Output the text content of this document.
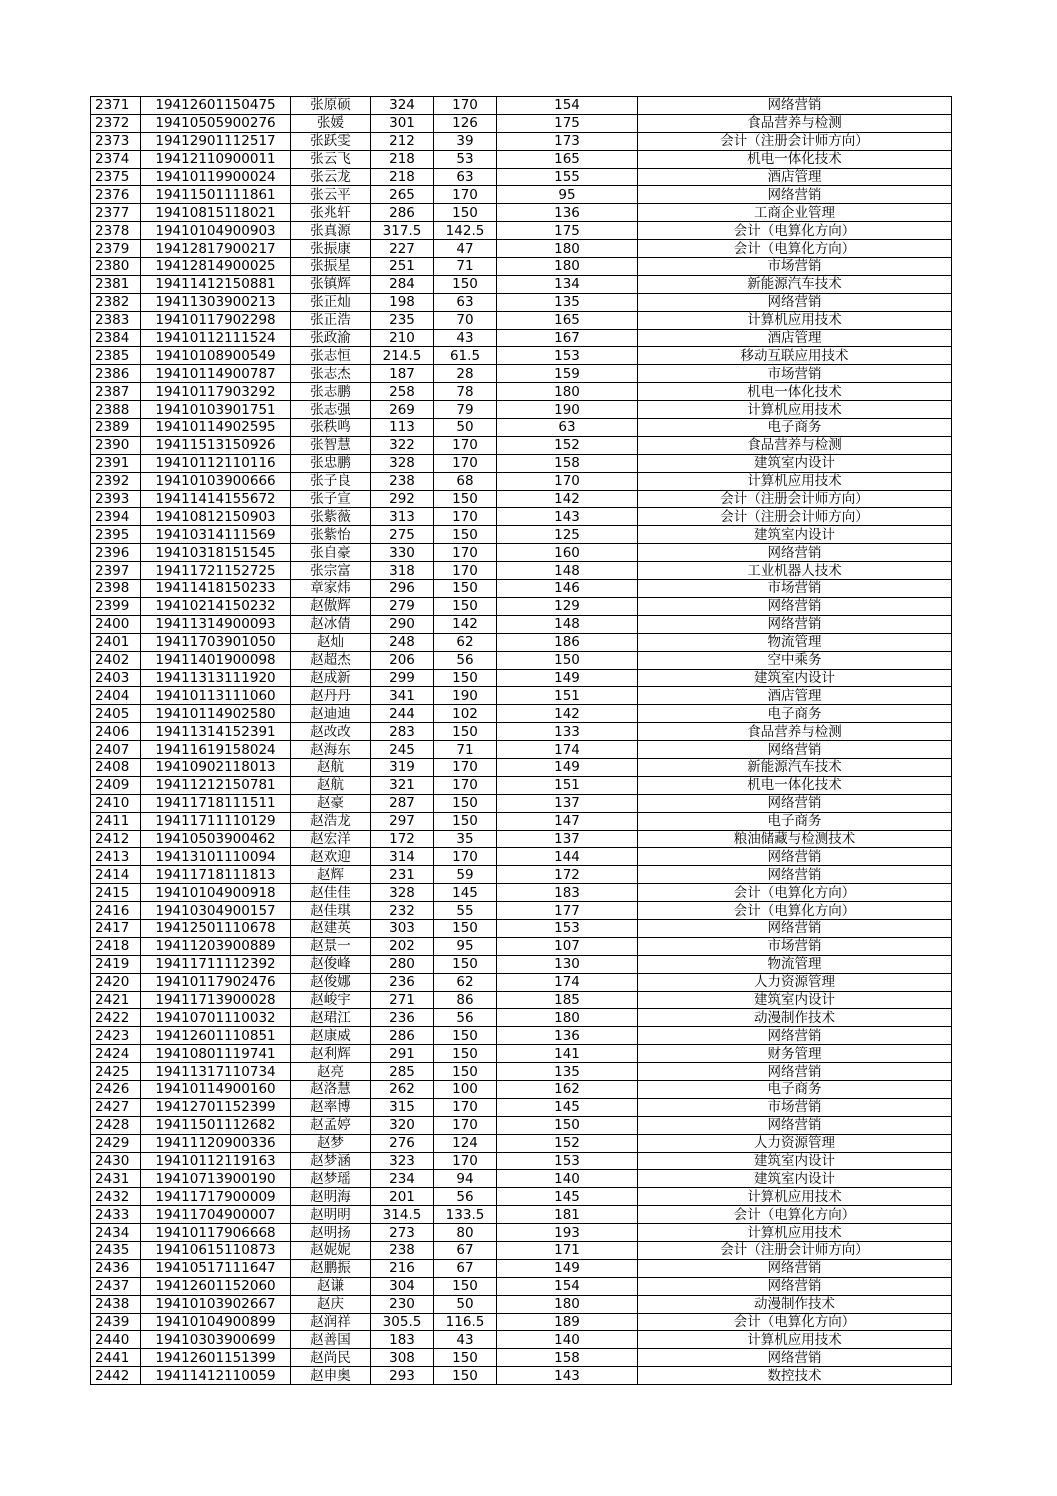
2371	19412601150475	张原硕	324	170	154	网络营销
2372	19410505900276	张媛	301	126	175	食品营养与检测
2373	19412901112517	张跃雯	212	39	173	会计（注册会计师方向）
2374	19412110900011	张云飞	218	53	165	机电一体化技术
2375	19410119900024	张云龙	218	63	155	酒店管理
2376	19411501111861	张云平	265	170	95	网络营销
2377	19410815118021	张兆轩	286	150	136	工商企业管理
2378	19410104900903	张真源	317.5	142.5	175	会计（电算化方向）
2379	19412817900217	张振康	227	47	180	会计（电算化方向）
2380	19412814900025	张振星	251	71	180	市场营销
2381	19411412150881	张镇辉	284	150	134	新能源汽车技术
2382	19411303900213	张正灿	198	63	135	网络营销
2383	19410117902298	张正浩	235	70	165	计算机应用技术
2384	19410112111524	张政渝	210	43	167	酒店管理
2385	19410108900549	张志恒	214.5	61.5	153	移动互联应用技术
2386	19410114900787	张志杰	187	28	159	市场营销
2387	19410117903292	张志鹏	258	78	180	机电一体化技术
2388	19410103901751	张志强	269	79	190	计算机应用技术
2389	19410114902595	张秩鸣	113	50	63	电子商务
2390	19411513150926	张智慧	322	170	152	食品营养与检测
2391	19410112110116	张忠鹏	328	170	158	建筑室内设计
2392	19410103900666	张子良	238	68	170	计算机应用技术
2393	19411414155672	张子宣	292	150	142	会计（注册会计师方向）
2394	19410812150903	张紫薇	313	170	143	会计（注册会计师方向）
2395	19410314111569	张紫怡	275	150	125	建筑室内设计
2396	19410318151545	张自豪	330	170	160	网络营销
2397	19411721152725	张宗富	318	170	148	工业机器人技术
2398	19411418150233	章家炜	296	150	146	市场营销
2399	19410214150232	赵傲辉	279	150	129	网络营销
2400	19411314900093	赵冰倩	290	142	148	网络营销
2401	19411703901050	赵灿	248	62	186	物流管理
2402	19411401900098	赵超杰	206	56	150	空中乘务
2403	19411313111920	赵成新	299	150	149	建筑室内设计
2404	19410113111060	赵丹丹	341	190	151	酒店管理
2405	19410114902580	赵迪迪	244	102	142	电子商务
2406	19411314152391	赵改改	283	150	133	食品营养与检测
2407	19411619158024	赵海东	245	71	174	网络营销
2408	19410902118013	赵航	319	170	149	新能源汽车技术
2409	19411212150781	赵航	321	170	151	机电一体化技术
2410	19411718111511	赵豪	287	150	137	网络营销
2411	19411711110129	赵浩龙	297	150	147	电子商务
2412	19410503900462	赵宏洋	172	35	137	粮油储藏与检测技术
2413	19413101110094	赵欢迎	314	170	144	网络营销
2414	19411718111813	赵辉	231	59	172	网络营销
2415	19410104900918	赵佳佳	328	145	183	会计（电算化方向）
2416	19410304900157	赵佳琪	232	55	177	会计（电算化方向）
2417	19412501110678	赵建英	303	150	153	网络营销
2418	19411203900889	赵景一	202	95	107	市场营销
2419	19411711112392	赵俊峰	280	150	130	物流管理
2420	19410117902476	赵俊娜	236	62	174	人力资源管理
2421	19411713900028	赵峻宇	271	86	185	建筑室内设计
2422	19410701110032	赵珺江	236	56	180	动漫制作技术
2423	19412601110851	赵康威	286	150	136	网络营销
2424	19410801119741	赵利辉	291	150	141	财务管理
2425	19411317110734	赵亮	285	150	135	网络营销
2426	19410114900160	赵洛慧	262	100	162	电子商务
2427	19412701152399	赵率博	315	170	145	市场营销
2428	19411501112682	赵孟婷	320	170	150	网络营销
2429	19411120900336	赵梦	276	124	152	人力资源管理
2430	19410112119163	赵梦涵	323	170	153	建筑室内设计
2431	19410713900190	赵梦瑶	234	94	140	建筑室内设计
2432	19411717900009	赵明海	201	56	145	计算机应用技术
2433	19411704900007	赵明明	314.5	133.5	181	会计（电算化方向）
2434	19410117906668	赵明扬	273	80	193	计算机应用技术
2435	19410615110873	赵妮妮	238	67	171	会计（注册会计师方向）
2436	19410517111647	赵鹏振	216	67	149	网络营销
2437	19412601152060	赵谦	304	150	154	网络营销
2438	19410103902667	赵庆	230	50	180	动漫制作技术
2439	19410104900899	赵润祥	305.5	116.5	189	会计（电算化方向）
2440	19410303900699	赵善国	183	43	140	计算机应用技术
2441	19412601151399	赵尚民	308	150	158	网络营销
2442	19411412110059	赵申奥	293	150	143	数控技术
